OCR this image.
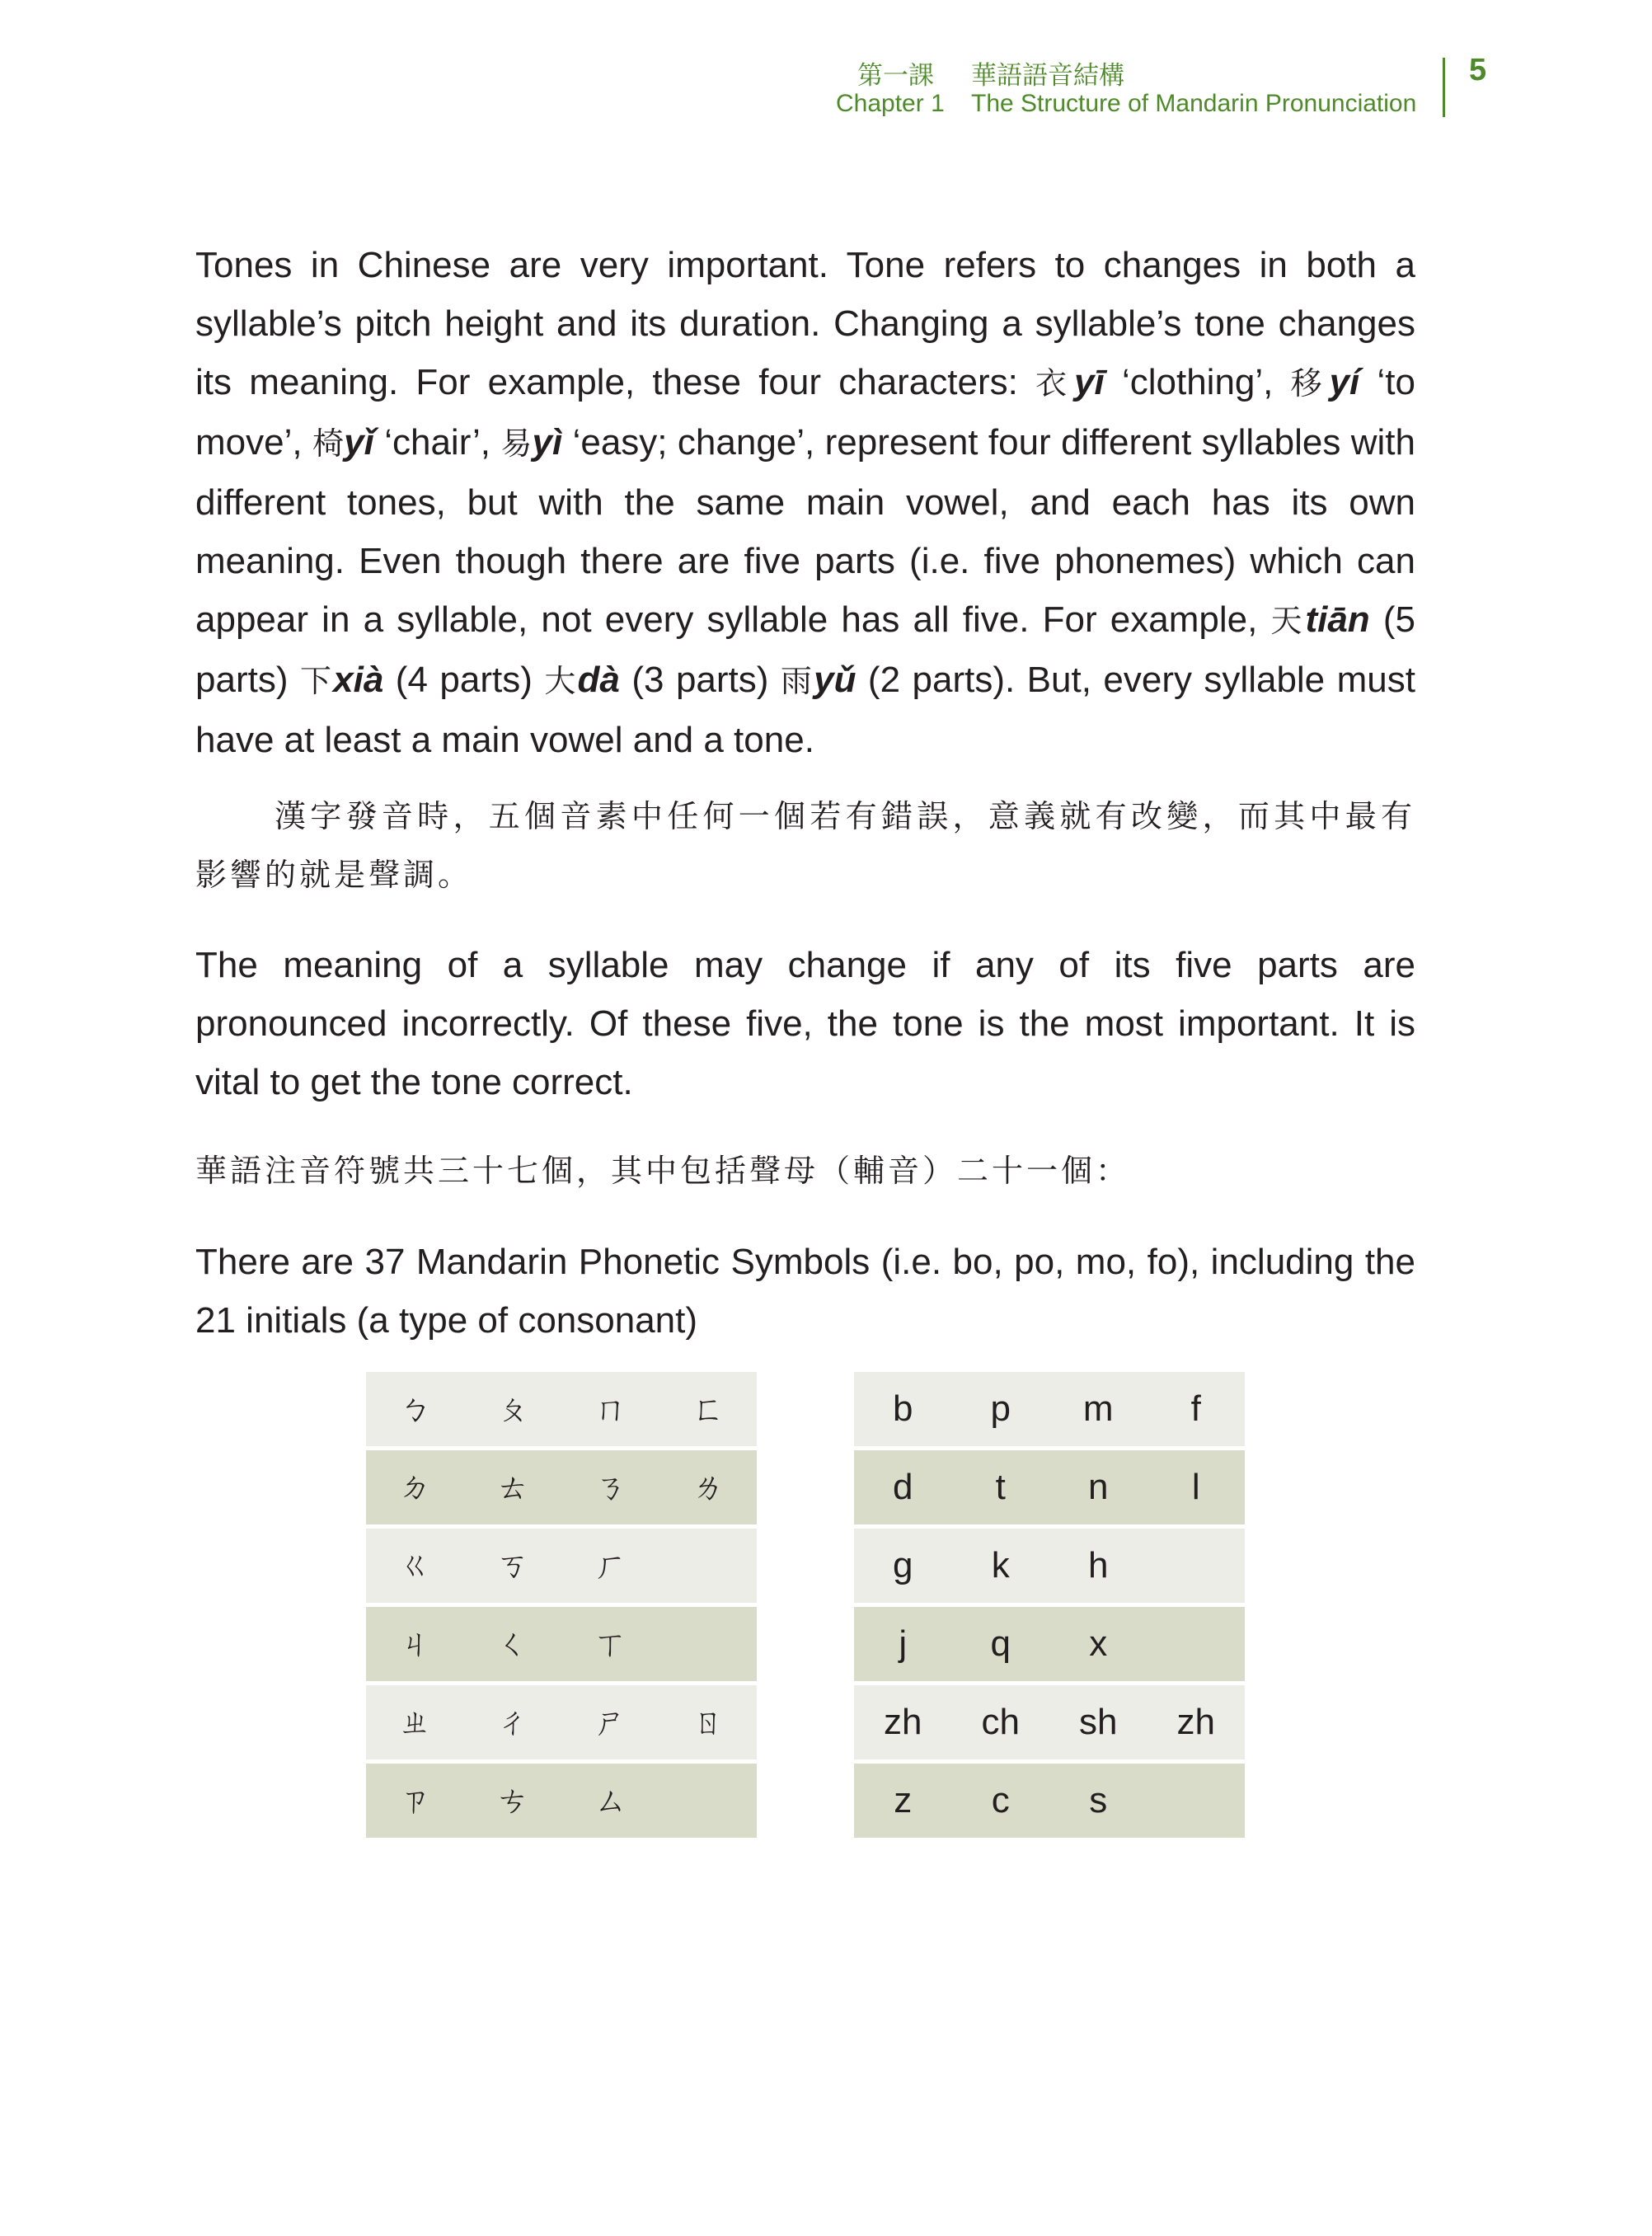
第一課 華語語音結構
Chapter 1 The Structure of Mandarin Pronunciation
5

Tones in Chinese are very important. Tone refers to changes in both a syllable’s pitch height and its duration. Changing a syllable’s tone changes its meaning. For example, these four characters: 衣yī ‘clothing’, 移yí ‘to move’, 椅yǐ ‘chair’, 易yì ‘easy; change’, represent four different syllables with different tones, but with the same main vowel, and each has its own meaning. Even though there are five parts (i.e. five phonemes) which can appear in a syllable, not every syllable has all five. For example, 天tiān (5 parts) 下xià (4 parts) 大dà (3 parts) 雨yǔ (2 parts). But, every syllable must have at least a main vowel and a tone.

漢字發音時，五個音素中任何一個若有錯誤，意義就有改變，而其中最有影響的就是聲調。

The meaning of a syllable may change if any of its five parts are pronounced incorrectly. Of these five, the tone is the most important. It is vital to get the tone correct.

華語注音符號共三十七個，其中包括聲母（輔音）二十一個：

There are 37 Mandarin Phonetic Symbols (i.e. bo, po, mo, fo), including the 21 initials (a type of consonant)

ㄅ	ㄆ	ㄇ	ㄈ
ㄉ	ㄊ	ㄋ	ㄌ
ㄍ	ㄎ	ㄏ
ㄐ	ㄑ	ㄒ
ㄓ	ㄔ	ㄕ	ㄖ
ㄗ	ㄘ	ㄙ
b	p	m	f
d	t	n	l
g	k	h
j	q	x
zh	ch	sh	zh
z	c	s
